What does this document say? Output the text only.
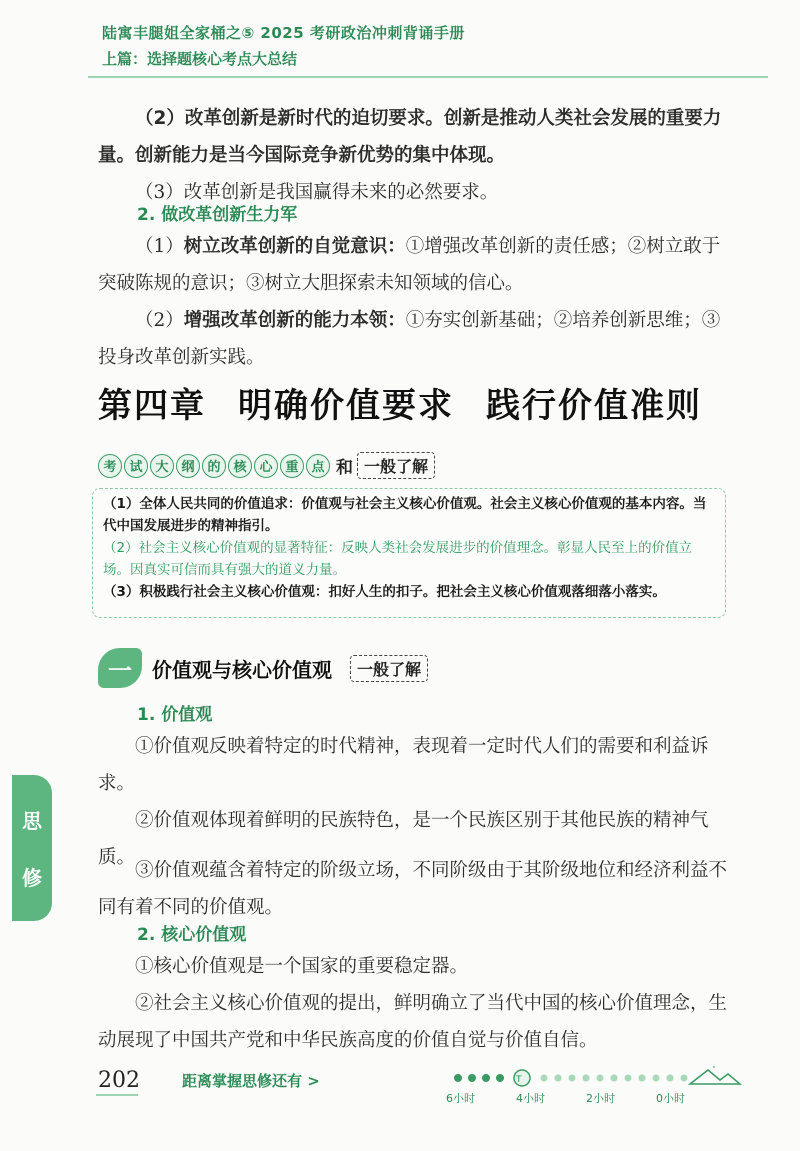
陆寓丰腿姐全家桶之⑤ 2025 考研政治冲刺背诵手册
上篇：选择题核心考点大总结

（2）改革创新是新时代的迫切要求。创新是推动人类社会发展的重要力量。创新能力是当今国际竞争新优势的集中体现。

（3）改革创新是我国赢得未来的必然要求。

2. 做改革创新生力军

（1）树立改革创新的自觉意识：①增强改革创新的责任感；②树立敢于突破陈规的意识；③树立大胆探索未知领域的信心。

（2）增强改革创新的能力本领：①夯实创新基础；②培养创新思维；③投身改革创新实践。

第四章 明确价值要求 践行价值准则
考 试 大 纲 的 核 心 重 点 和 一般了解

（1）全体人民共同的价值追求：价值观与社会主义核心价值观。社会主义核心价值观的基本内容。当代中国发展进步的精神指引。

（2）社会主义核心价值观的显著特征：反映人类社会发展进步的价值理念。彰显人民至上的价值立场。因真实可信而具有强大的道义力量。

（3）积极践行社会主义核心价值观：扣好人生的扣子。把社会主义核心价值观落细落小落实。

一	价值观与核心价值观	一般了解
1. 价值观

①价值观反映着特定的时代精神，表现着一定时代人们的需要和利益诉求。

②价值观体现着鲜明的民族特色，是一个民族区别于其他民族的精神气质。

③价值观蕴含着特定的阶级立场，不同阶级由于其阶级地位和经济利益不同有着不同的价值观。

2. 核心价值观

①核心价值观是一个国家的重要稳定器。

②社会主义核心价值观的提出，鲜明确立了当代中国的核心价值理念，生动展现了中国共产党和中华民族高度的价值自觉与价值自信。

思
修
202	距离掌握思修还有 >	T
6小时	4小时	2小时	0小时
